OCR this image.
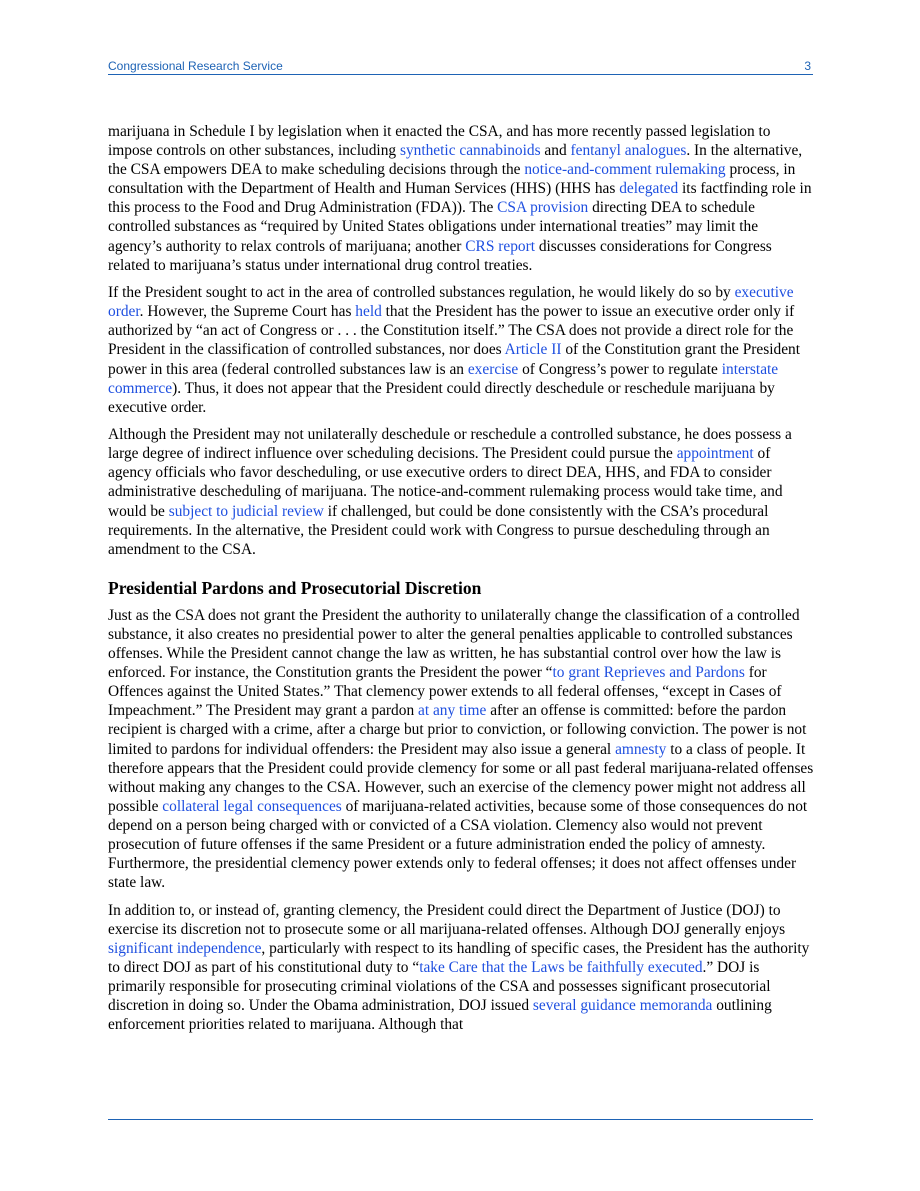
Congressional Research Service	3

marijuana in Schedule I by legislation when it enacted the CSA, and has more recently passed legislation to impose controls on other substances, including synthetic cannabinoids and fentanyl analogues. In the alternative, the CSA empowers DEA to make scheduling decisions through the notice-and-comment rulemaking process, in consultation with the Department of Health and Human Services (HHS) (HHS has delegated its factfinding role in this process to the Food and Drug Administration (FDA)). The CSA provision directing DEA to schedule controlled substances as “required by United States obligations under international treaties” may limit the agency’s authority to relax controls of marijuana; another CRS report discusses considerations for Congress related to marijuana’s status under international drug control treaties.

If the President sought to act in the area of controlled substances regulation, he would likely do so by executive order. However, the Supreme Court has held that the President has the power to issue an executive order only if authorized by “an act of Congress or . . . the Constitution itself.” The CSA does not provide a direct role for the President in the classification of controlled substances, nor does Article II of the Constitution grant the President power in this area (federal controlled substances law is an exercise of Congress’s power to regulate interstate commerce). Thus, it does not appear that the President could directly deschedule or reschedule marijuana by executive order.

Although the President may not unilaterally deschedule or reschedule a controlled substance, he does possess a large degree of indirect influence over scheduling decisions. The President could pursue the appointment of agency officials who favor descheduling, or use executive orders to direct DEA, HHS, and FDA to consider administrative descheduling of marijuana. The notice-and-comment rulemaking process would take time, and would be subject to judicial review if challenged, but could be done consistently with the CSA’s procedural requirements. In the alternative, the President could work with Congress to pursue descheduling through an amendment to the CSA.

Presidential Pardons and Prosecutorial Discretion

Just as the CSA does not grant the President the authority to unilaterally change the classification of a controlled substance, it also creates no presidential power to alter the general penalties applicable to controlled substances offenses. While the President cannot change the law as written, he has substantial control over how the law is enforced. For instance, the Constitution grants the President the power “to grant Reprieves and Pardons for Offences against the United States.” That clemency power extends to all federal offenses, “except in Cases of Impeachment.” The President may grant a pardon at any time after an offense is committed: before the pardon recipient is charged with a crime, after a charge but prior to conviction, or following conviction. The power is not limited to pardons for individual offenders: the President may also issue a general amnesty to a class of people. It therefore appears that the President could provide clemency for some or all past federal marijuana-related offenses without making any changes to the CSA. However, such an exercise of the clemency power might not address all possible collateral legal consequences of marijuana-related activities, because some of those consequences do not depend on a person being charged with or convicted of a CSA violation. Clemency also would not prevent prosecution of future offenses if the same President or a future administration ended the policy of amnesty. Furthermore, the presidential clemency power extends only to federal offenses; it does not affect offenses under state law.

In addition to, or instead of, granting clemency, the President could direct the Department of Justice (DOJ) to exercise its discretion not to prosecute some or all marijuana-related offenses. Although DOJ generally enjoys significant independence, particularly with respect to its handling of specific cases, the President has the authority to direct DOJ as part of his constitutional duty to “take Care that the Laws be faithfully executed.” DOJ is primarily responsible for prosecuting criminal violations of the CSA and possesses significant prosecutorial discretion in doing so. Under the Obama administration, DOJ issued several guidance memoranda outlining enforcement priorities related to marijuana. Although that
